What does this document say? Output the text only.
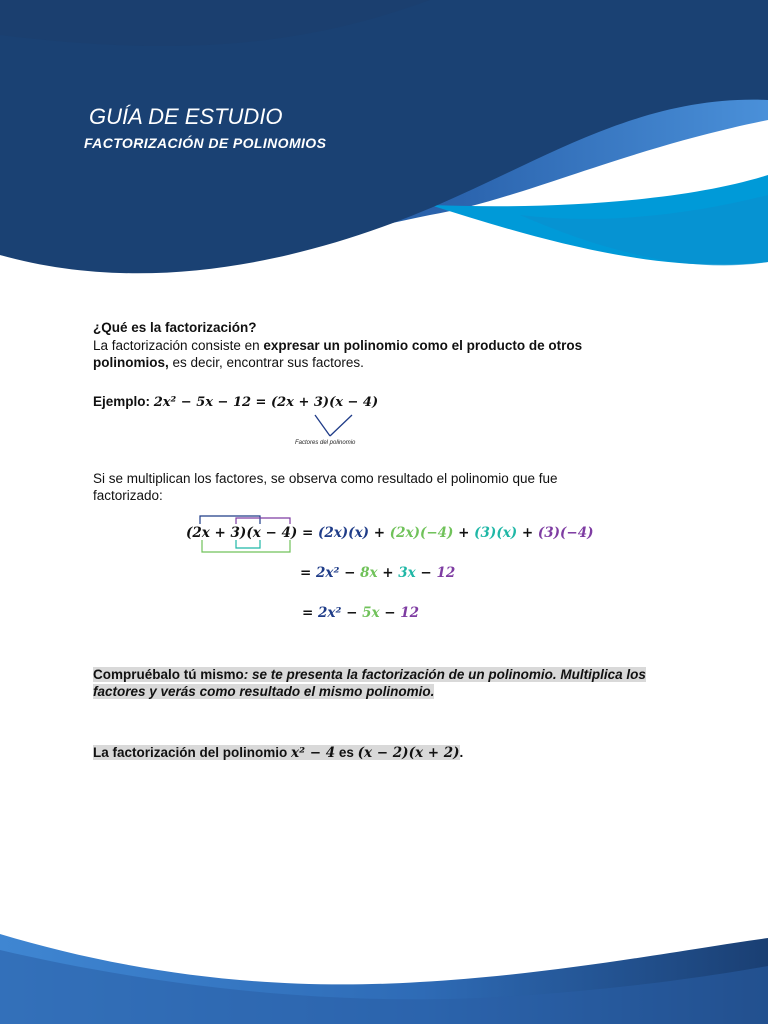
GUÍA DE ESTUDIO
FACTORIZACIÓN DE POLINOMIOS
¿Qué es la factorización?
La factorización consiste en expresar un polinomio como el producto de otros
polinomios, es decir, encontrar sus factores.
Ejemplo: 2x² − 5x − 12 = (2x + 3)(x − 4)
Factores del polinomio
Si se multiplican los factores, se observa como resultado el polinomio que fue
factorizado:
(2x + 3)(x − 4) = (2x)(x) + (2x)(−4) + (3)(x) + (3)(−4)
= 2x² − 8x + 3x − 12
= 2x² − 5x − 12
Compruébalo tú mismo: se te presenta la factorización de un polinomio. Multiplica los
factores y verás como resultado el mismo polinomio.
La factorización del polinomio x² − 4 es (x − 2)(x + 2).
